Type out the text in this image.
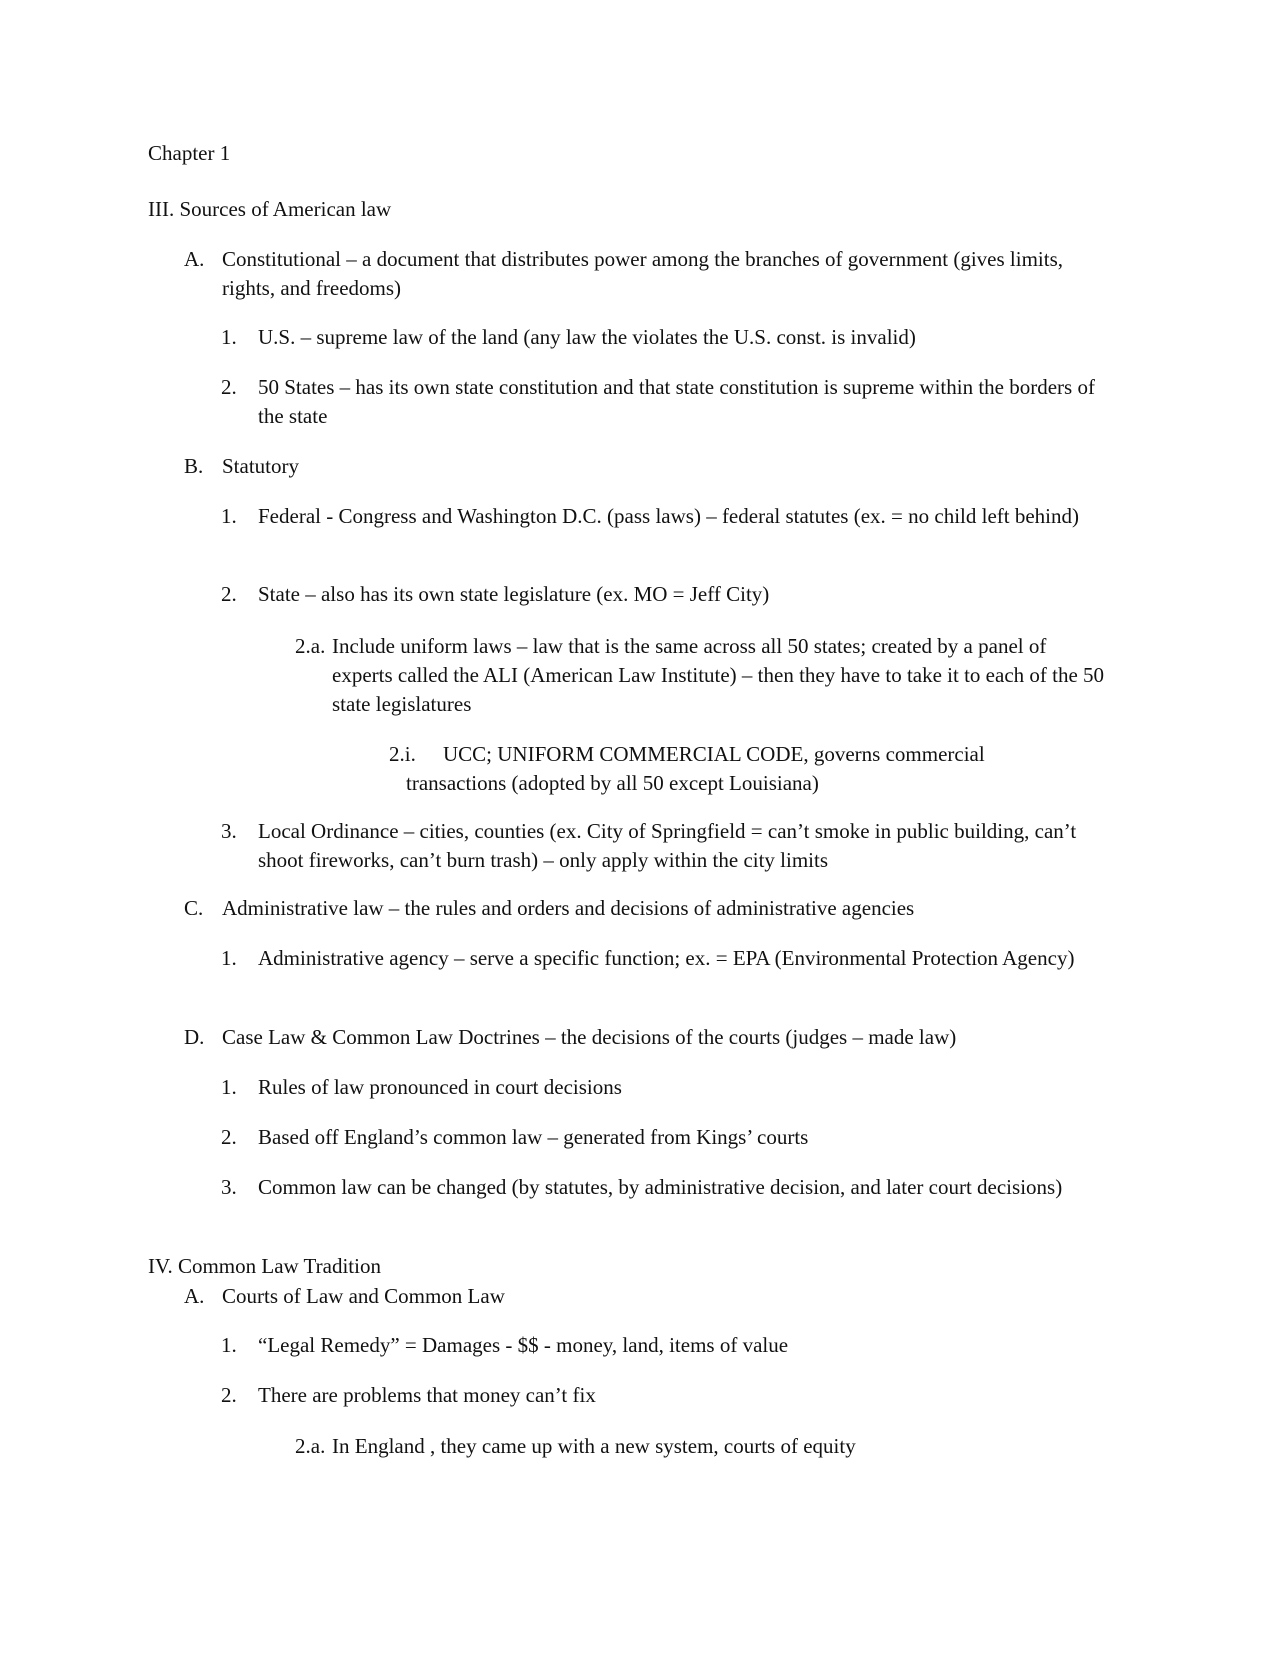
Chapter 1
III. Sources of American law
A. Constitutional – a document that distributes power among the branches of government (gives limits, rights, and freedoms)
1. U.S. – supreme law of the land (any law the violates the U.S. const. is invalid)
2. 50 States – has its own state constitution and that state constitution is supreme within the borders of the state
B. Statutory
1. Federal - Congress and Washington D.C. (pass laws) – federal statutes (ex. = no child left behind)
2. State – also has its own state legislature (ex. MO = Jeff City)
2.a. Include uniform laws – law that is the same across all 50 states; created by a panel of experts called the ALI (American Law Institute) – then they have to take it to each of the 50 state legislatures
2.i.	UCC; UNIFORM COMMERCIAL CODE, governs commercial transactions (adopted by all 50 except Louisiana)
3. Local Ordinance – cities, counties (ex. City of Springfield = can’t smoke in public building, can’t shoot fireworks, can’t burn trash) – only apply within the city limits
C. Administrative law – the rules and orders and decisions of administrative agencies
1. Administrative agency – serve a specific function; ex. = EPA (Environmental Protection Agency)
D. Case Law & Common Law Doctrines – the decisions of the courts (judges – made law)
1. Rules of law pronounced in court decisions
2. Based off England’s common law – generated from Kings’ courts
3. Common law can be changed (by statutes, by administrative decision, and later court decisions)
IV. Common Law Tradition
A. Courts of Law and Common Law
1. “Legal Remedy” = Damages - $$ - money, land, items of value
2. There are problems that money can’t fix
2.a. In England , they came up with a new system, courts of equity
